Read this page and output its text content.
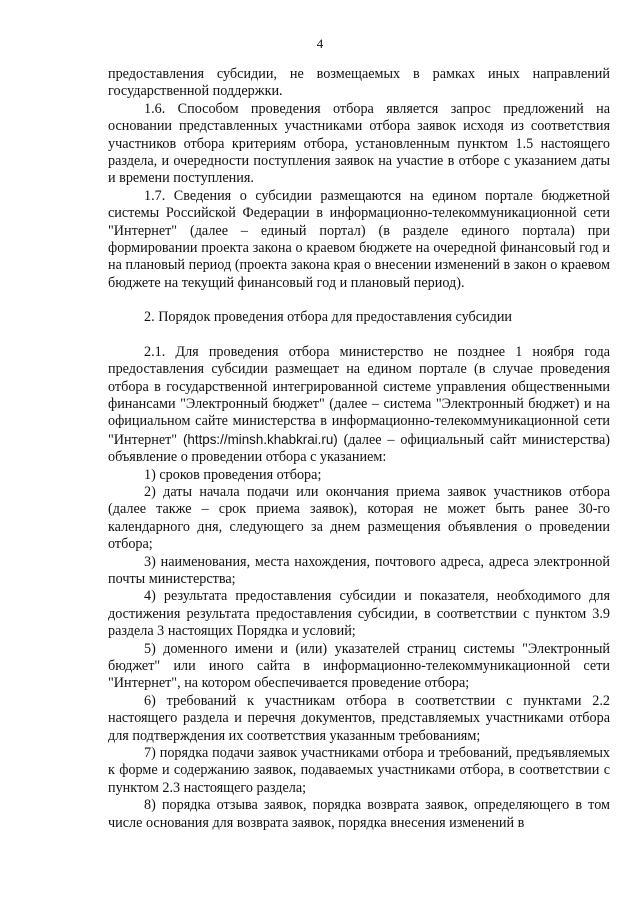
4

предоставления субсидии, не возмещаемых в рамках иных направлений государственной поддержки.

1.6. Способом проведения отбора является запрос предложений на основании представленных участниками отбора заявок исходя из соответствия участников отбора критериям отбора, установленным пунктом 1.5 настоящего раздела, и очередности поступления заявок на участие в отборе с указанием даты и времени поступления.

1.7. Сведения о субсидии размещаются на едином портале бюджетной системы Российской Федерации в информационно-телекоммуникационной сети "Интернет" (далее – единый портал) (в разделе единого портала) при формировании проекта закона о краевом бюджете на очередной финансовый год и на плановый период (проекта закона края о внесении изменений в закон о краевом бюджете на текущий финансовый год и плановый период).

2. Порядок проведения отбора для предоставления субсидии

2.1. Для проведения отбора министерство не позднее 1 ноября года предоставления субсидии размещает на едином портале (в случае проведения отбора в государственной интегрированной системе управления общественными финансами "Электронный бюджет" (далее – система "Электронный бюджет) и на официальном сайте министерства в информационно-телекоммуникационной сети "Интернет" (https://minsh.khabkrai.ru) (далее – официальный сайт министерства) объявление о проведении отбора с указанием:

1) сроков проведения отбора;

2) даты начала подачи или окончания приема заявок участников отбора (далее также – срок приема заявок), которая не может быть ранее 30-го календарного дня, следующего за днем размещения объявления о проведении отбора;

3) наименования, места нахождения, почтового адреса, адреса электронной почты министерства;

4) результата предоставления субсидии и показателя, необходимого для достижения результата предоставления субсидии, в соответствии с пунктом 3.9 раздела 3 настоящих Порядка и условий;

5) доменного имени и (или) указателей страниц системы "Электронный бюджет" или иного сайта в информационно-телекоммуникационной сети "Интернет", на котором обеспечивается проведение отбора;

6) требований к участникам отбора в соответствии с пунктами 2.2 настоящего раздела и перечня документов, представляемых участниками отбора для подтверждения их соответствия указанным требованиям;

7) порядка подачи заявок участниками отбора и требований, предъявляемых к форме и содержанию заявок, подаваемых участниками отбора, в соответствии с пунктом 2.3 настоящего раздела;

8) порядка отзыва заявок, порядка возврата заявок, определяющего в том числе основания для возврата заявок, порядка внесения изменений в
